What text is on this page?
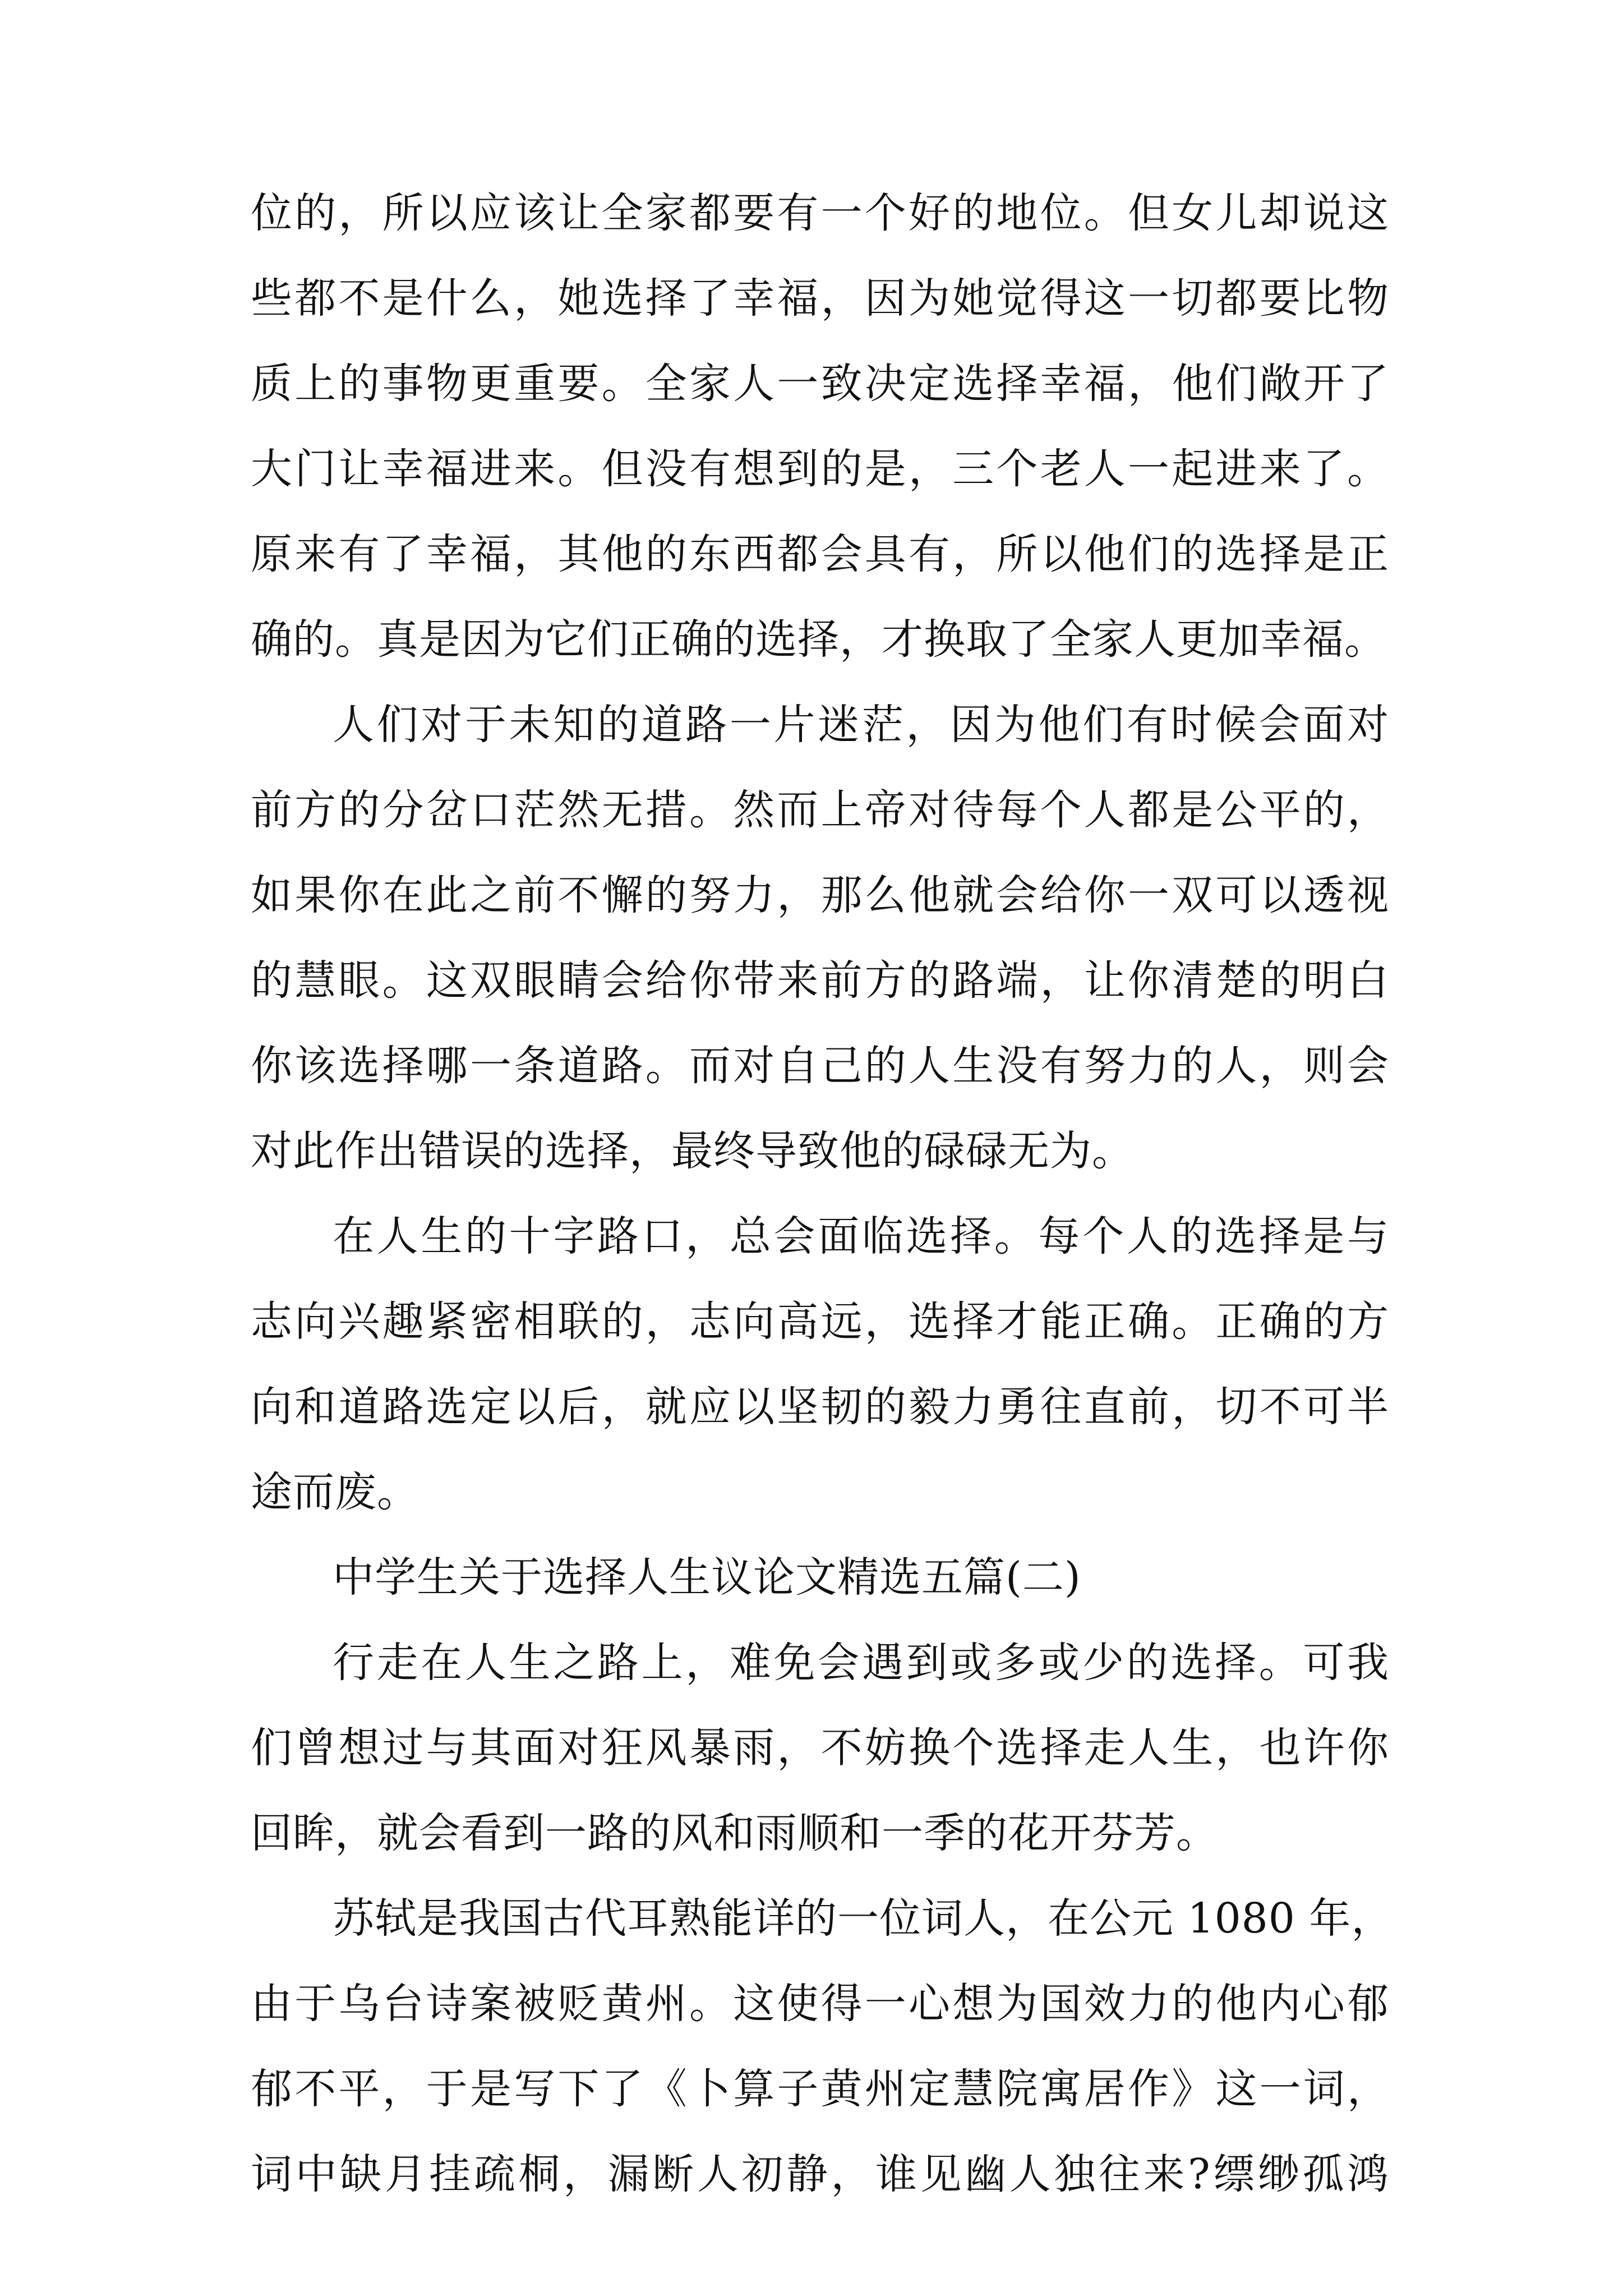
位的，所以应该让全家都要有一个好的地位。但女儿却说这
些都不是什么，她选择了幸福，因为她觉得这一切都要比物
质上的事物更重要。全家人一致决定选择幸福，他们敞开了
大门让幸福进来。但没有想到的是，三个老人一起进来了。
原来有了幸福，其他的东西都会具有，所以他们的选择是正
确的。真是因为它们正确的选择，才换取了全家人更加幸福。
人们对于未知的道路一片迷茫，因为他们有时候会面对
前方的分岔口茫然无措。然而上帝对待每个人都是公平的，
如果你在此之前不懈的努力，那么他就会给你一双可以透视
的慧眼。这双眼睛会给你带来前方的路端，让你清楚的明白
你该选择哪一条道路。而对自己的人生没有努力的人，则会
对此作出错误的选择，最终导致他的碌碌无为。
在人生的十字路口，总会面临选择。每个人的选择是与
志向兴趣紧密相联的，志向高远，选择才能正确。正确的方
向和道路选定以后，就应以坚韧的毅力勇往直前，切不可半
途而废。
中学生关于选择人生议论文精选五篇(二)
行走在人生之路上，难免会遇到或多或少的选择。可我
们曾想过与其面对狂风暴雨，不妨换个选择走人生，也许你
回眸，就会看到一路的风和雨顺和一季的花开芬芳。
苏轼是我国古代耳熟能详的一位词人，在公元 1080 年，
由于乌台诗案被贬黄州。这使得一心想为国效力的他内心郁
郁不平，于是写下了《卜算子黄州定慧院寓居作》这一词，
词中缺月挂疏桐，漏断人初静，谁见幽人独往来?缥缈孤鸿
